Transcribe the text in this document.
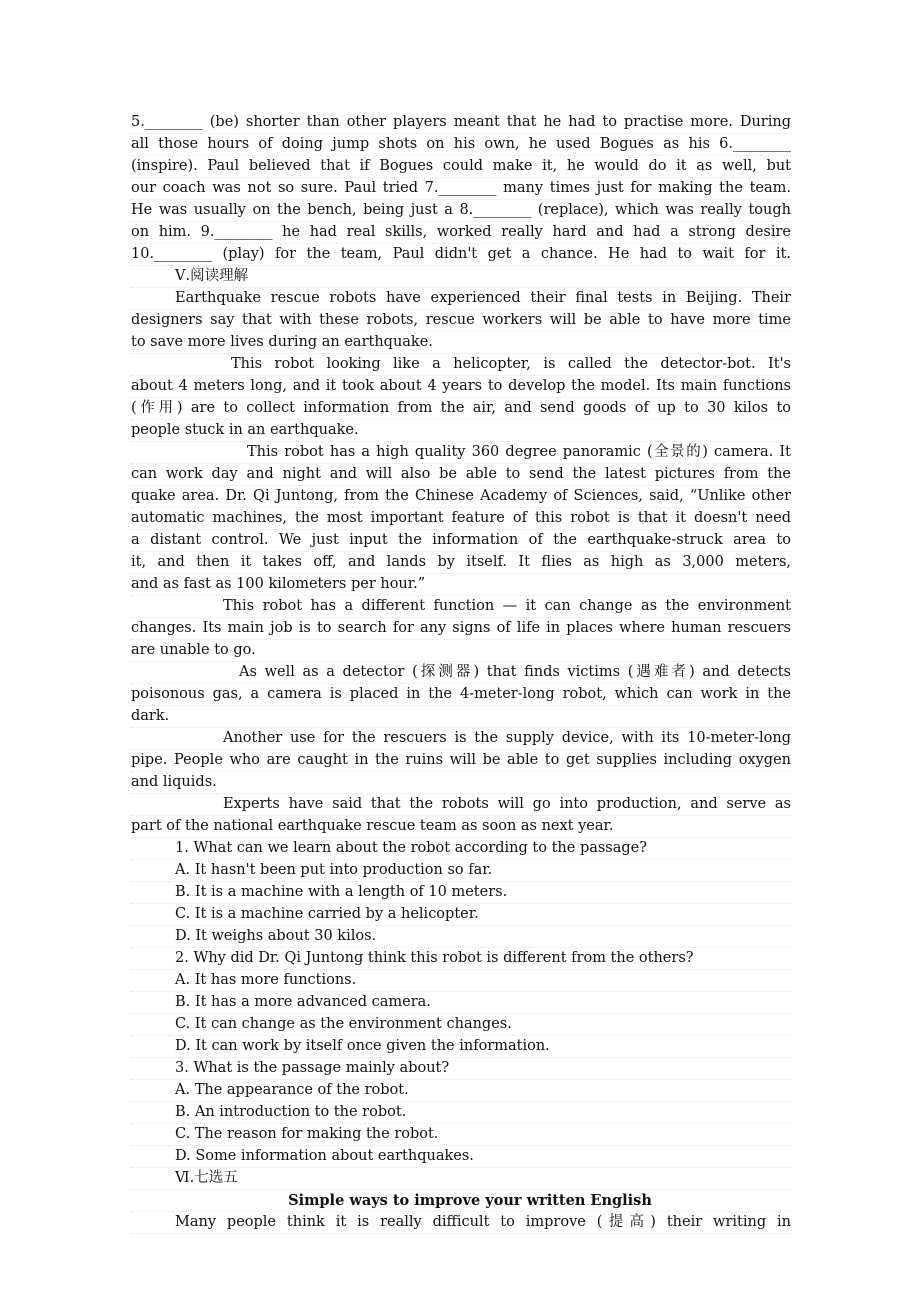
5.________ (be) shorter than other players meant that he had to practise more. During
all those hours of doing jump shots on his own, he used Bogues as his 6.________
(inspire). Paul believed that if Bogues could make it, he would do it as well, but
our coach was not so sure. Paul tried 7.________ many times just for making the team.
He was usually on the bench, being just a 8.________ (replace), which was really tough
on him. 9.________ he had real skills, worked really hard and had a strong desire
10.________ (play) for the team, Paul didn't get a chance. He had to wait for it.
Ⅴ.阅读理解
Earthquake rescue robots have experienced their final tests in Beijing. Their
designers say that with these robots, rescue workers will be able to have more time
to save more lives during an earthquake.
This robot looking like a helicopter, is called the detector-bot. It's
about 4 meters long, and it took about 4 years to develop the model. Its main functions
(作用) are to collect information from the air, and send goods of up to 30 kilos to
people stuck in an earthquake.
This robot has a high quality 360 degree panoramic (全景的) camera. It
can work day and night and will also be able to send the latest pictures from the
quake area. Dr. Qi Juntong, from the Chinese Academy of Sciences, said, “Unlike other
automatic machines, the most important feature of this robot is that it doesn't need
a distant control. We just input the information of the earthquake-struck area to
it, and then it takes off, and lands by itself. It flies as high as 3,000 meters,
and as fast as 100 kilometers per hour.”
This robot has a different function — it can change as the environment
changes. Its main job is to search for any signs of life in places where human rescuers
are unable to go.
As well as a detector (探测器) that finds victims (遇难者) and detects
poisonous gas, a camera is placed in the 4-meter-long robot, which can work in the
dark.
Another use for the rescuers is the supply device, with its 10-meter-long
pipe. People who are caught in the ruins will be able to get supplies including oxygen
and liquids.
Experts have said that the robots will go into production, and serve as
part of the national earthquake rescue team as soon as next year.
1. What can we learn about the robot according to the passage?
A. It hasn't been put into production so far.
B. It is a machine with a length of 10 meters.
C. It is a machine carried by a helicopter.
D. It weighs about 30 kilos.
2. Why did Dr. Qi Juntong think this robot is different from the others?
A. It has more functions.
B. It has a more advanced camera.
C. It can change as the environment changes.
D. It can work by itself once given the information.
3. What is the passage mainly about?
A. The appearance of the robot.
B. An introduction to the robot.
C. The reason for making the robot.
D. Some information about earthquakes.
Ⅵ.七选五
Simple ways to improve your written English
Many people think it is really difficult to improve (提高) their writing in
